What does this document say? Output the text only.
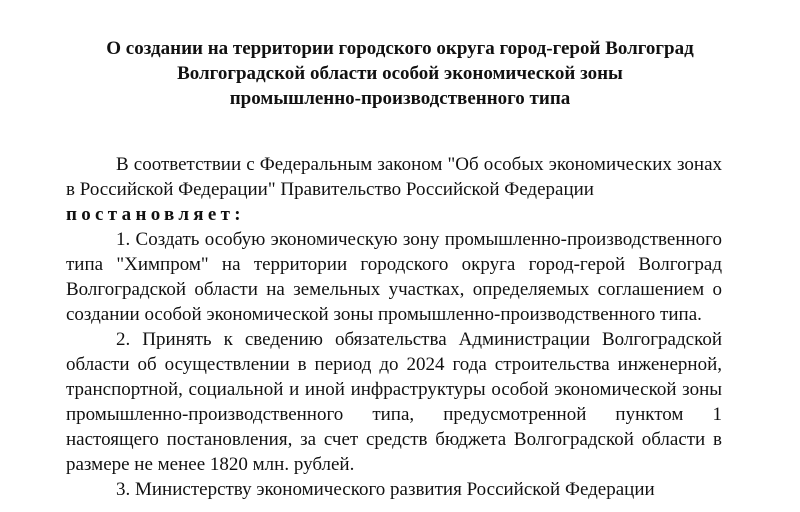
О создании на территории городского округа город-герой Волгоград
Волгоградской области особой экономической зоны
промышленно-производственного типа

В соответствии с Федеральным законом "Об особых экономических зонах в Российской Федерации" Правительство Российской Федерации

постановляет:

1. Создать особую экономическую зону промышленно-производственного типа "Химпром" на территории городского округа город-герой Волгоград Волгоградской области на земельных участках, определяемых соглашением о создании особой экономической зоны промышленно-производственного типа.

2. Принять к сведению обязательства Администрации Волгоградской области об осуществлении в период до 2024 года строительства инженерной, транспортной, социальной и иной инфраструктуры особой экономической зоны промышленно-производственного типа, предусмотренной пунктом 1 настоящего постановления, за счет средств бюджета Волгоградской области в размере не менее 1820 млн. рублей.

3. Министерству экономического развития Российской Федерации
